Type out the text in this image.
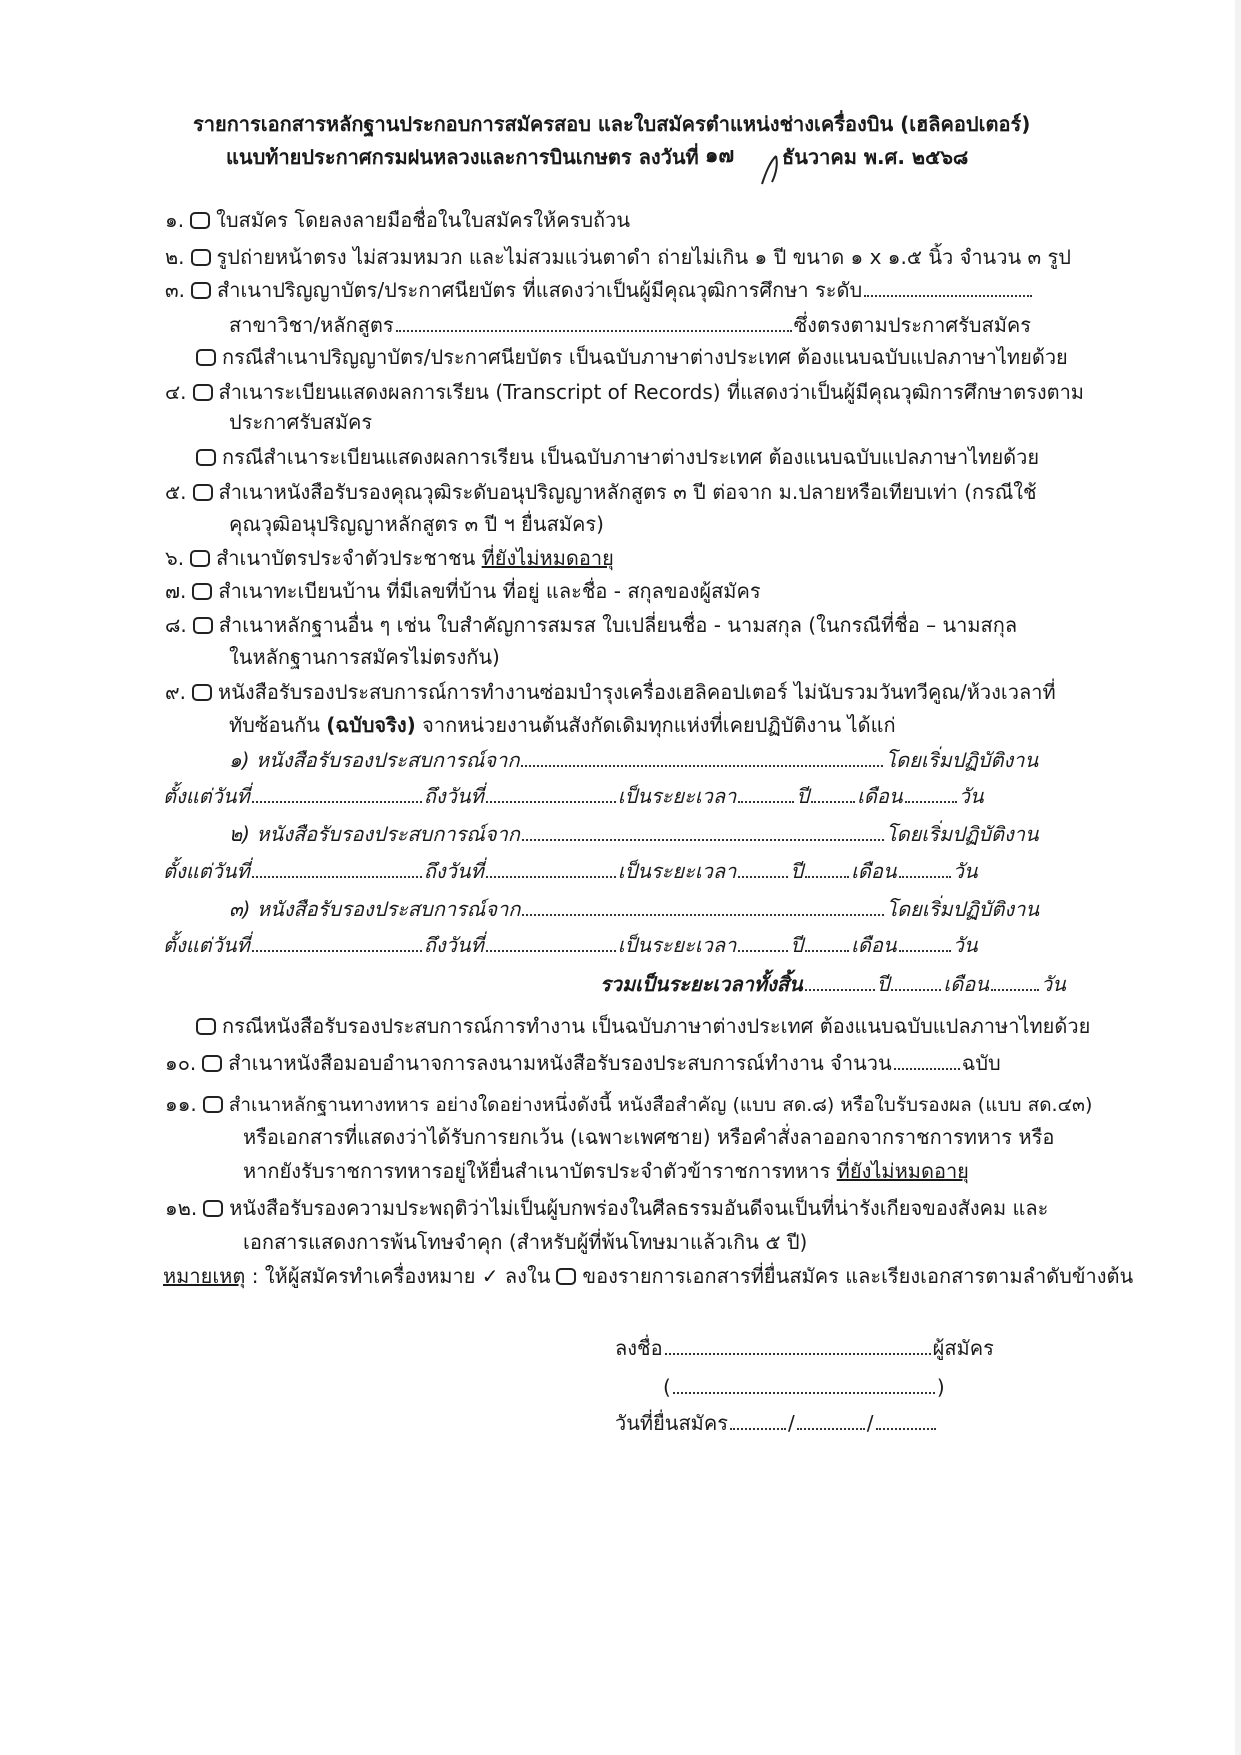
รายการเอกสารหลักฐานประกอบการสมัครสอบ และใบสมัครตำแหน่งช่างเครื่องบิน (เฮลิคอปเตอร์)
แนบท้ายประกาศกรมฝนหลวงและการบินเกษตร ลงวันที่ ๑๗ ธันวาคม พ.ศ. ๒๕๖๘
๑. ใบสมัคร โดยลงลายมือชื่อในใบสมัครให้ครบถ้วน
๒. รูปถ่ายหน้าตรง ไม่สวมหมวก และไม่สวมแว่นตาดำ ถ่ายไม่เกิน ๑ ปี ขนาด ๑ x ๑.๕ นิ้ว จำนวน ๓ รูป
๓. สำเนาปริญญาบัตร/ประกาศนียบัตร ที่แสดงว่าเป็นผู้มีคุณวุฒิการศึกษา ระดับ
สาขาวิชา/หลักสูตร	ซึ่งตรงตามประกาศรับสมัคร
กรณีสำเนาปริญญาบัตร/ประกาศนียบัตร เป็นฉบับภาษาต่างประเทศ ต้องแนบฉบับแปลภาษาไทยด้วย
๔. สำเนาระเบียนแสดงผลการเรียน (Transcript of Records) ที่แสดงว่าเป็นผู้มีคุณวุฒิการศึกษาตรงตาม
ประกาศรับสมัคร
กรณีสำเนาระเบียนแสดงผลการเรียน เป็นฉบับภาษาต่างประเทศ ต้องแนบฉบับแปลภาษาไทยด้วย
๕. สำเนาหนังสือรับรองคุณวุฒิระดับอนุปริญญาหลักสูตร ๓ ปี ต่อจาก ม.ปลายหรือเทียบเท่า (กรณีใช้
คุณวุฒิอนุปริญญาหลักสูตร ๓ ปี ฯ ยื่นสมัคร)
๖. สำเนาบัตรประจำตัวประชาชน ที่ยังไม่หมดอายุ
๗. สำเนาทะเบียนบ้าน ที่มีเลขที่บ้าน ที่อยู่ และชื่อ - สกุลของผู้สมัคร
๘. สำเนาหลักฐานอื่น ๆ เช่น ใบสำคัญการสมรส ใบเปลี่ยนชื่อ - นามสกุล (ในกรณีที่ชื่อ – นามสกุล
ในหลักฐานการสมัครไม่ตรงกัน)
๙. หนังสือรับรองประสบการณ์การทำงานซ่อมบำรุงเครื่องเฮลิคอปเตอร์ ไม่นับรวมวันทวีคูณ/ห้วงเวลาที่
ทับซ้อนกัน (ฉบับจริง) จากหน่วยงานต้นสังกัดเดิมทุกแห่งที่เคยปฏิบัติงาน ได้แก่
๑) หนังสือรับรองประสบการณ์จาก	โดยเริ่มปฏิบัติงาน
ตั้งแต่วันที่	ถึงวันที่	เป็นระยะเวลา	ปี เดือน	วัน
๒) หนังสือรับรองประสบการณ์จาก	โดยเริ่มปฏิบัติงาน
ตั้งแต่วันที่	ถึงวันที่	เป็นระยะเวลา	ปี เดือน	วัน
๓) หนังสือรับรองประสบการณ์จาก	โดยเริ่มปฏิบัติงาน
ตั้งแต่วันที่	ถึงวันที่	เป็นระยะเวลา	ปี เดือน	วัน
รวมเป็นระยะเวลาทั้งสิ้น	ปี	เดือน	วัน
กรณีหนังสือรับรองประสบการณ์การทำงาน เป็นฉบับภาษาต่างประเทศ ต้องแนบฉบับแปลภาษาไทยด้วย
๑๐. สำเนาหนังสือมอบอำนาจการลงนามหนังสือรับรองประสบการณ์ทำงาน จำนวน	ฉบับ
๑๑. สำเนาหลักฐานทางทหาร อย่างใดอย่างหนึ่งดังนี้ หนังสือสำคัญ (แบบ สด.๘) หรือใบรับรองผล (แบบ สด.๔๓)
หรือเอกสารที่แสดงว่าได้รับการยกเว้น (เฉพาะเพศชาย) หรือคำสั่งลาออกจากราชการทหาร หรือ
หากยังรับราชการทหารอยู่ให้ยื่นสำเนาบัตรประจำตัวข้าราชการทหาร ที่ยังไม่หมดอายุ
๑๒. หนังสือรับรองความประพฤติว่าไม่เป็นผู้บกพร่องในศีลธรรมอันดีจนเป็นที่น่ารังเกียจของสังคม และ
เอกสารแสดงการพ้นโทษจำคุก (สำหรับผู้ที่พ้นโทษมาแล้วเกิน ๕ ปี)
หมายเหตุ : ให้ผู้สมัครทำเครื่องหมาย ✓ ลงใน ของรายการเอกสารที่ยื่นสมัคร และเรียงเอกสารตามลำดับข้างต้น
ลงชื่อ	ผู้สมัคร
(	)
วันที่ยื่นสมัคร	/	/
